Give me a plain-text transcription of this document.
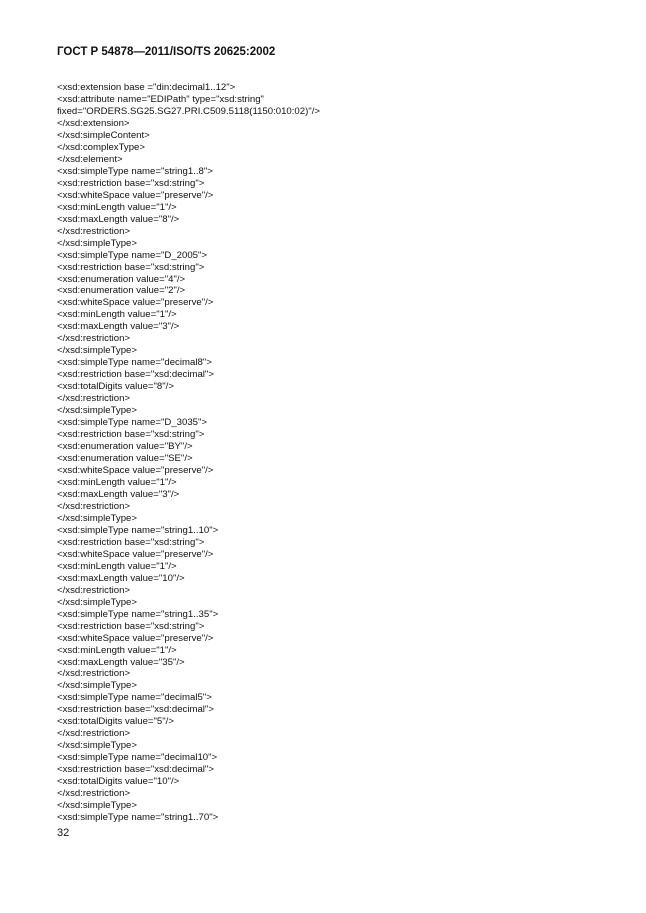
ГОСТ Р 54878—2011/ISO/TS 20625:2002
<xsd:extension base ="din:decimal1..12">
<xsd:attribute name="EDIPath" type="xsd:string"
fixed="ORDERS.SG25.SG27.PRI.C509.5118(1150:010:02)"/>
</xsd:extension>
</xsd:simpleContent>
</xsd:complexType>
</xsd:element>
<xsd:simpleType name="string1..8">
<xsd:restriction base="xsd:string">
<xsd:whiteSpace value="preserve"/>
<xsd:minLength value="1"/>
<xsd:maxLength value="8"/>
</xsd:restriction>
</xsd:simpleType>
<xsd:simpleType name="D_2005">
<xsd:restriction base="xsd:string">
<xsd:enumeration value="4"/>
<xsd:enumeration value="2"/>
<xsd:whiteSpace value="preserve"/>
<xsd:minLength value="1"/>
<xsd:maxLength value="3"/>
</xsd:restriction>
</xsd:simpleType>
<xsd:simpleType name="decimal8">
<xsd:restriction base="xsd:decimal">
<xsd:totalDigits value="8"/>
</xsd:restriction>
</xsd:simpleType>
<xsd:simpleType name="D_3035">
<xsd:restriction base="xsd:string">
<xsd:enumeration value="BY"/>
<xsd:enumeration value="SE"/>
<xsd:whiteSpace value="preserve"/>
<xsd:minLength value="1"/>
<xsd:maxLength value="3"/>
</xsd:restriction>
</xsd:simpleType>
<xsd:simpleType name="string1..10">
<xsd:restriction base="xsd:string">
<xsd:whiteSpace value="preserve"/>
<xsd:minLength value="1"/>
<xsd:maxLength value="10"/>
</xsd:restriction>
</xsd:simpleType>
<xsd:simpleType name="string1..35">
<xsd:restriction base="xsd:string">
<xsd:whiteSpace value="preserve"/>
<xsd:minLength value="1"/>
<xsd:maxLength value="35"/>
</xsd:restriction>
</xsd:simpleType>
<xsd:simpleType name="decimal5">
<xsd:restriction base="xsd:decimal">
<xsd:totalDigits value="5"/>
</xsd:restriction>
</xsd:simpleType>
<xsd:simpleType name="decimal10">
<xsd:restriction base="xsd:decimal">
<xsd:totalDigits value="10"/>
</xsd:restriction>
</xsd:simpleType>
<xsd:simpleType name="string1..70">
32
